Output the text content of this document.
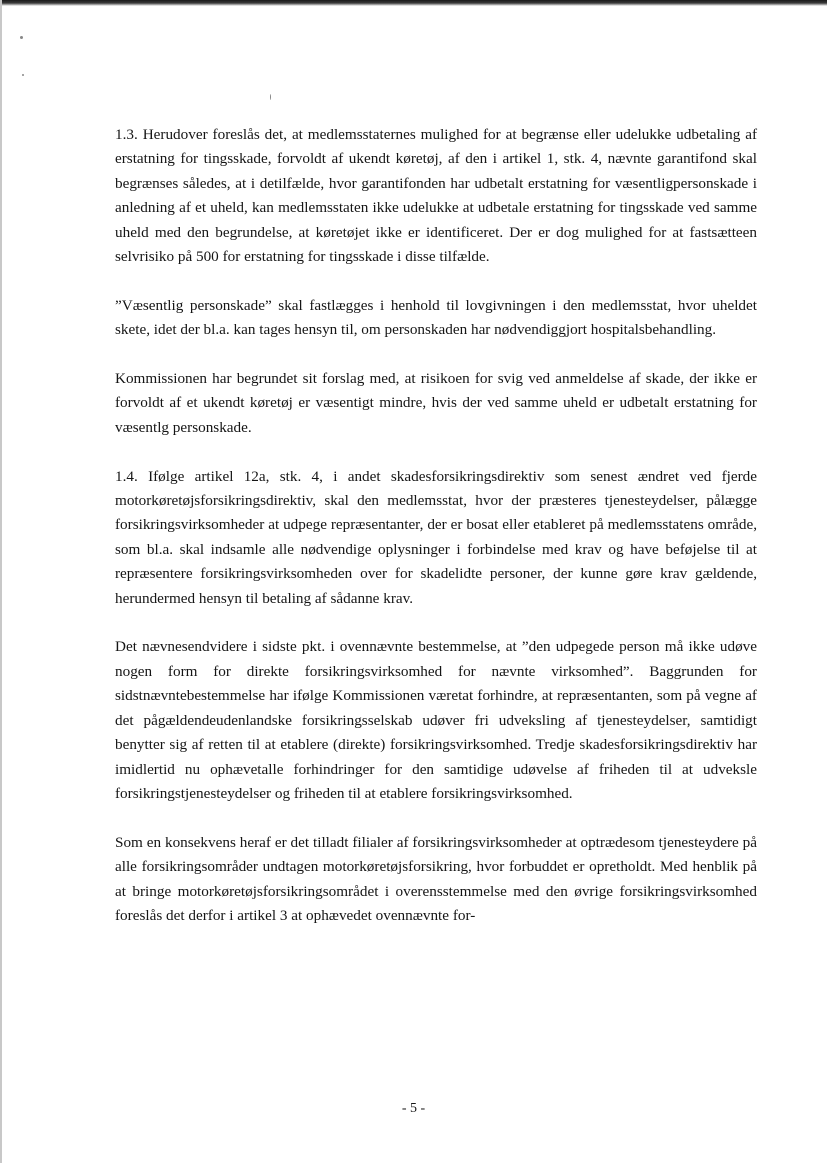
1.3. Herudover foreslås det, at medlemsstaternes mulighed for at begrænse eller udelukke udbetaling af erstatning for tingsskade, forvoldt af ukendt køretøj, af den i artikel 1, stk. 4, nævnte garantifond skal begrænses således, at i detilfælde, hvor garantifonden har udbetalt erstatning for væsentligpersonskade i anledning af et uheld, kan medlemsstaten ikke udelukke at udbetale erstatning for tingsskade ved samme uheld med den begrundelse, at køretøjet ikke er identificeret. Der er dog mulighed for at fastsætteen selvrisiko på 500 for erstatning for tingsskade i disse tilfælde.

”Væsentlig personskade” skal fastlægges i henhold til lovgivningen i den medlemsstat, hvor uheldet skete, idet der bl.a. kan tages hensyn til, om personskaden har nødvendiggjort hospitalsbehandling.

Kommissionen har begrundet sit forslag med, at risikoen for svig ved anmeldelse af skade, der ikke er forvoldt af et ukendt køretøj er væsentigt mindre, hvis der ved samme uheld er udbetalt erstatning for væsentlg personskade.

1.4. Ifølge artikel 12a, stk. 4, i andet skadesforsikringsdirektiv som senest ændret ved fjerde motorkøretøjsforsikringsdirektiv, skal den medlemsstat, hvor der præsteres tjenesteydelser, pålægge forsikringsvirksomheder at udpege repræsentanter, der er bosat eller etableret på medlemsstatens område, som bl.a. skal indsamle alle nødvendige oplysninger i forbindelse med krav og have beføjelse til at repræsentere forsikringsvirksomheden over for skadelidte personer, der kunne gøre krav gældende, herundermed hensyn til betaling af sådanne krav.

Det nævnesendvidere i sidste pkt. i ovennævnte bestemmelse, at ”den udpegede person må ikke udøve nogen form for direkte forsikringsvirksomhed for nævnte virksomhed”. Baggrunden for sidstnævntebestemmelse har ifølge Kommissionen væretat forhindre, at repræsentanten, som på vegne af det pågældendeudenlandske forsikringsselskab udøver fri udveksling af tjenesteydelser, samtidigt benytter sig af retten til at etablere (direkte) forsikringsvirksomhed. Tredje skadesforsikringsdirektiv har imidlertid nu ophævetalle forhindringer for den samtidige udøvelse af friheden til at udveksle forsikringstjenesteydelser og friheden til at etablere forsikringsvirksomhed.

Som en konsekvens heraf er det tilladt filialer af forsikringsvirksomheder at optrædesom tjenesteydere på alle forsikringsområder undtagen motorkøretøjsforsikring, hvor forbuddet er opretholdt. Med henblik på at bringe motorkøretøjsforsikringsområdet i overensstemmelse med den øvrige forsikringsvirksomhed foreslås det derfor i artikel 3 at ophævedet ovennævnte for-

- 5 -
